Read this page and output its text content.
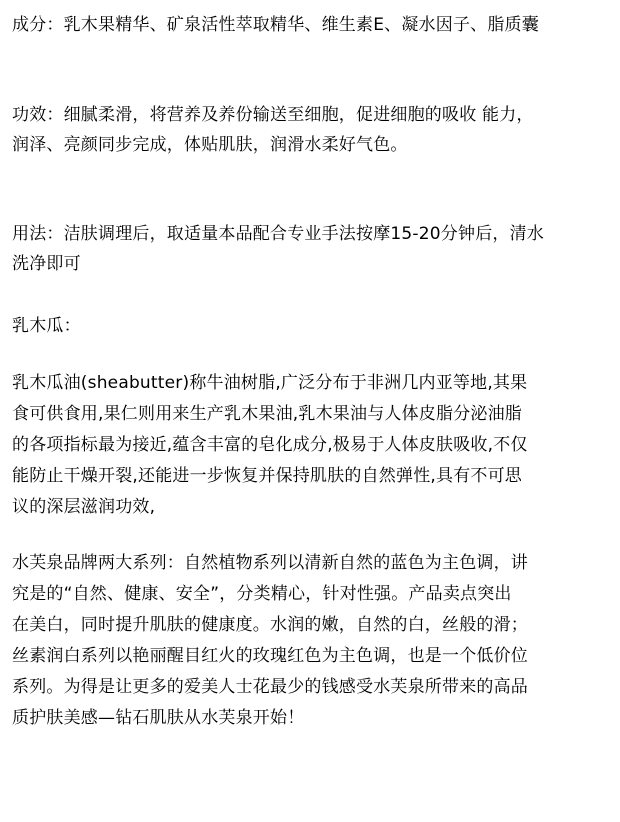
成分：乳木果精华、矿泉活性萃取精华、维生素E、凝水因子、脂质囊

功效：细腻柔滑，将营养及养份输送至细胞，促进细胞的吸收 能力，
润泽、亮颜同步完成，体贴肌肤，润滑水柔好气色。

用法：洁肤调理后，取适量本品配合专业手法按摩15-20分钟后，清水
洗净即可

乳木瓜：

乳木瓜油(sheabutter)称牛油树脂,广泛分布于非洲几内亚等地,其果
食可供食用,果仁则用来生产乳木果油,乳木果油与人体皮脂分泌油脂
的各项指标最为接近,蕴含丰富的皂化成分,极易于人体皮肤吸收,不仅
能防止干燥开裂,还能进一步恢复并保持肌肤的自然弹性,具有不可思
议的深层滋润功效,

水芙泉品牌两大系列：自然植物系列以清新自然的蓝色为主色调，讲
究是的“自然、健康、安全”，分类精心，针对性强。产品卖点突出
在美白，同时提升肌肤的健康度。水润的嫩，自然的白，丝般的滑；
丝素润白系列以艳丽醒目红火的玫瑰红色为主色调，也是一个低价位
系列。为得是让更多的爱美人士花最少的钱感受水芙泉所带来的高品
质护肤美感—钻石肌肤从水芙泉开始！
